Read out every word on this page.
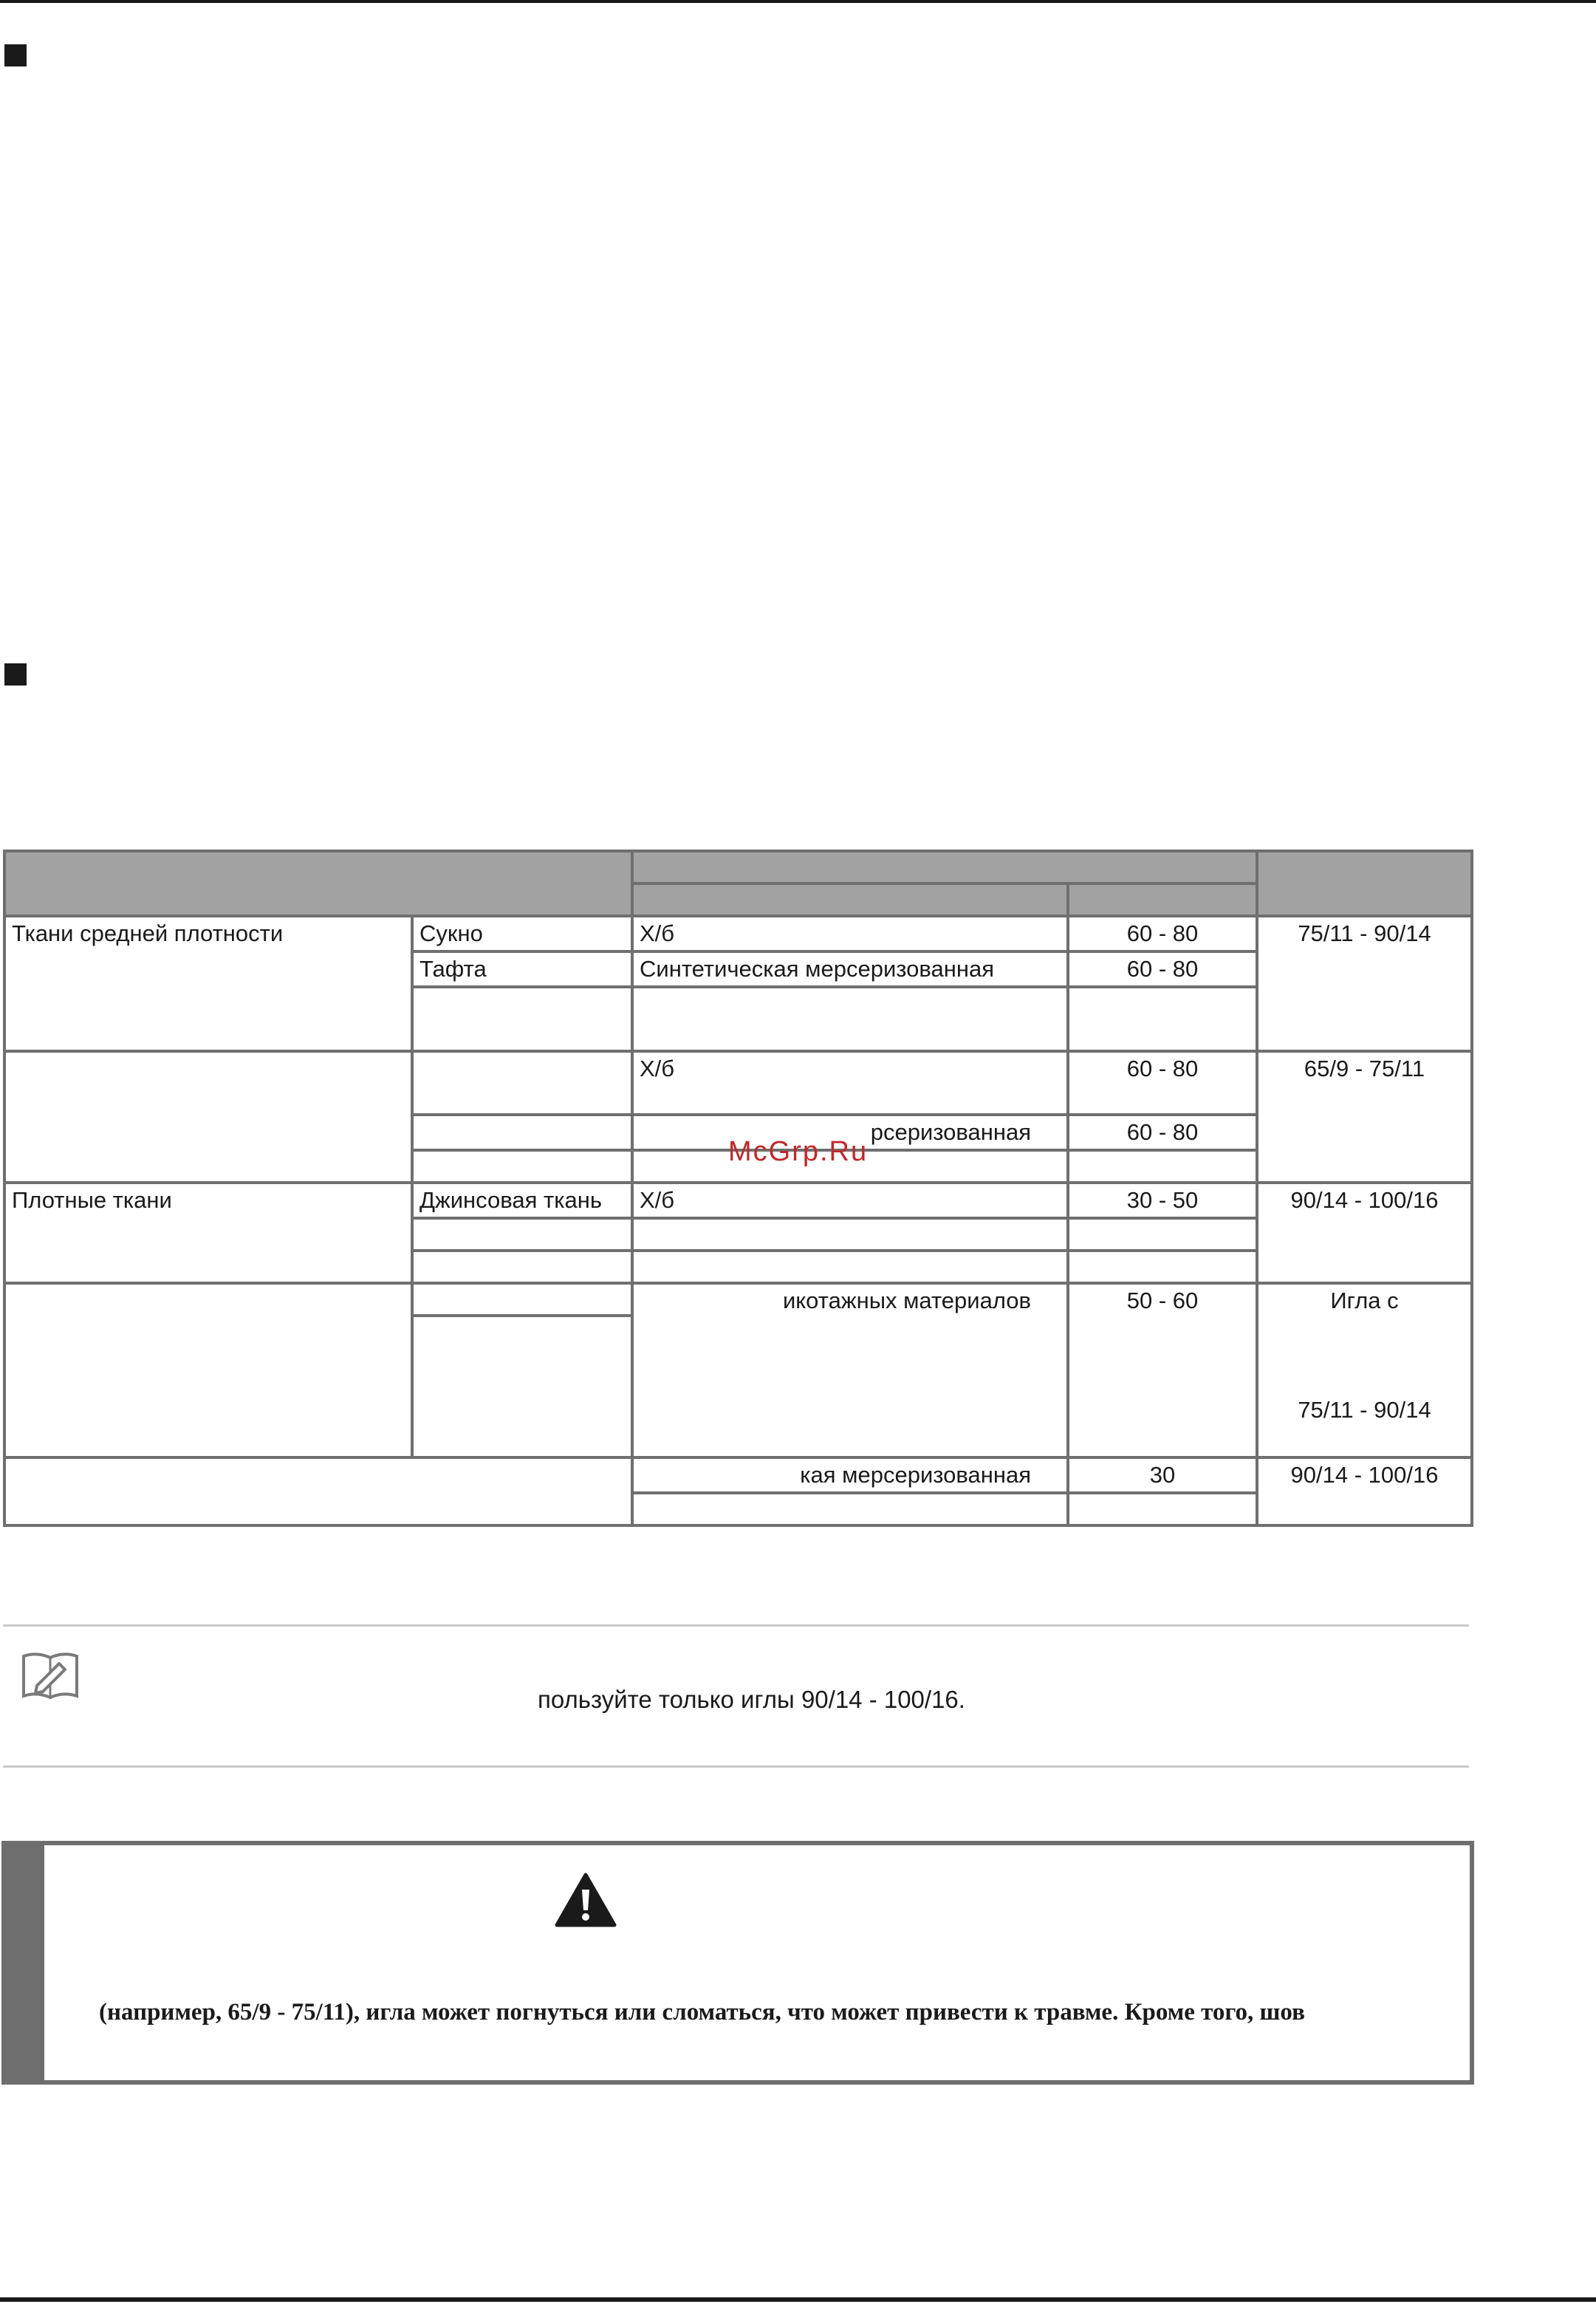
Ткани средней плотности	Сукно	Х/б	60 - 80	75/11 - 90/14
	Тафта	Синтетическая мерсеризованная	60 - 80	

		Х/б	60 - 80	65/9 - 75/11
		рсеризованная	60 - 80	

Плотные ткани	Джинсовая ткань	Х/б	30 - 50	90/14 - 100/16

		икотажных материалов	50 - 60	Игла с
75/11 - 90/14

		кая мерсеризованная	30	90/14 - 100/16

McGrp.Ru
пользуйте только иглы 90/14 - 100/16.
(например, 65/9 - 75/11), игла может погнуться или сломаться, что может привести к травме. Кроме того, шов
